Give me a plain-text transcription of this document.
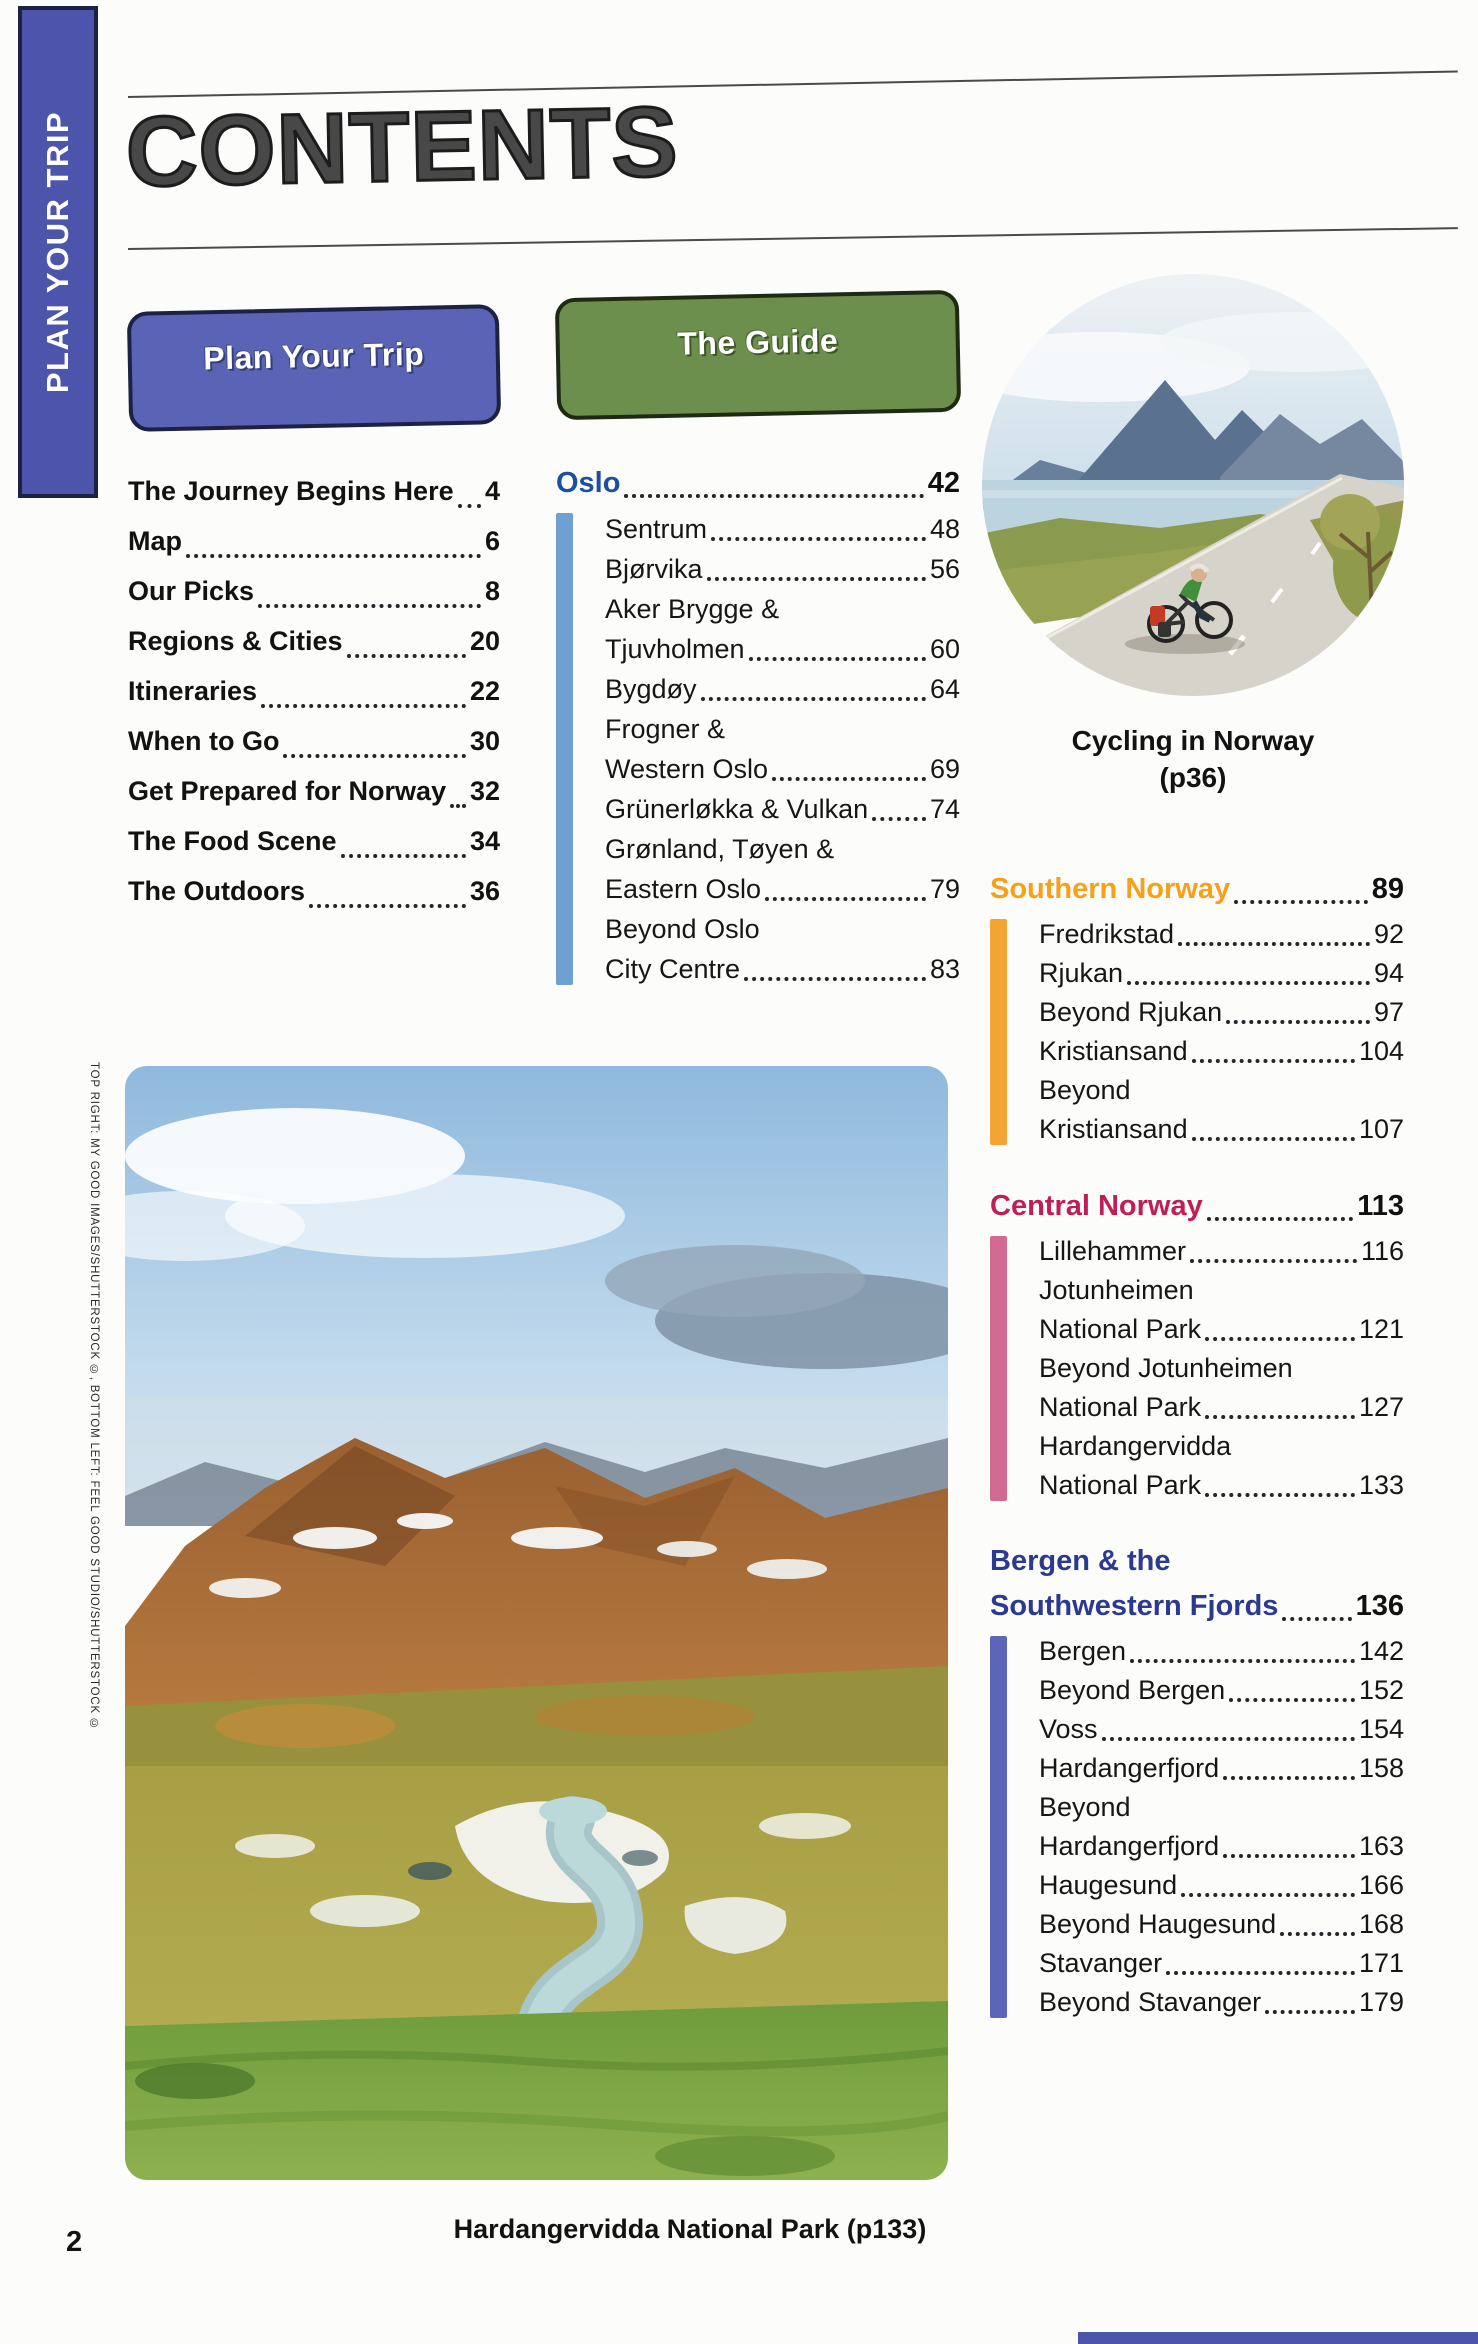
PLAN YOUR TRIP CONTENTS
Plan Your Trip	The Guide
The Journey Begins Here 4
Map	6
Our Picks	8
Regions & Cities	20
Itineraries	22
When to Go	30
Get Prepared for Norway 32
The Food Scene	34
The Outdoors	36
Oslo	42
Sentrum	48
Bjørvika	56
Aker Brygge &
Tjuvholmen	60
Bygdøy	64
Frogner &
Western Oslo	69
Grünerløkka & Vulkan 74
Grønland, Tøyen &
Eastern Oslo	79
Beyond Oslo
City Centre	83
Southern Norway	89
Fredrikstad	92
Rjukan	94
Beyond Rjukan	97
Kristiansand	104
Beyond
Kristiansand	107
Central Norway	113
Lillehammer	116
Jotunheimen
National Park	121
Beyond Jotunheimen
National Park	127
Hardangervidda
National Park	133
Bergen & the
Southwestern Fjords	136
Bergen	142
Beyond Bergen	152
Voss	154
Hardangerfjord	158
Beyond
Hardangerfjord	163
Haugesund	166
Beyond Haugesund	168
Stavanger	171
Beyond Stavanger	179
Cycling in Norway
(p36)
TOP RIGHT: MY GOOD IMAGES/SHUTTERSTOCK ©, BOTTOM LEFT: FEEL GOOD STUDIO/SHUTTERSTOCK ©
Hardangervidda National Park (p133)
2
